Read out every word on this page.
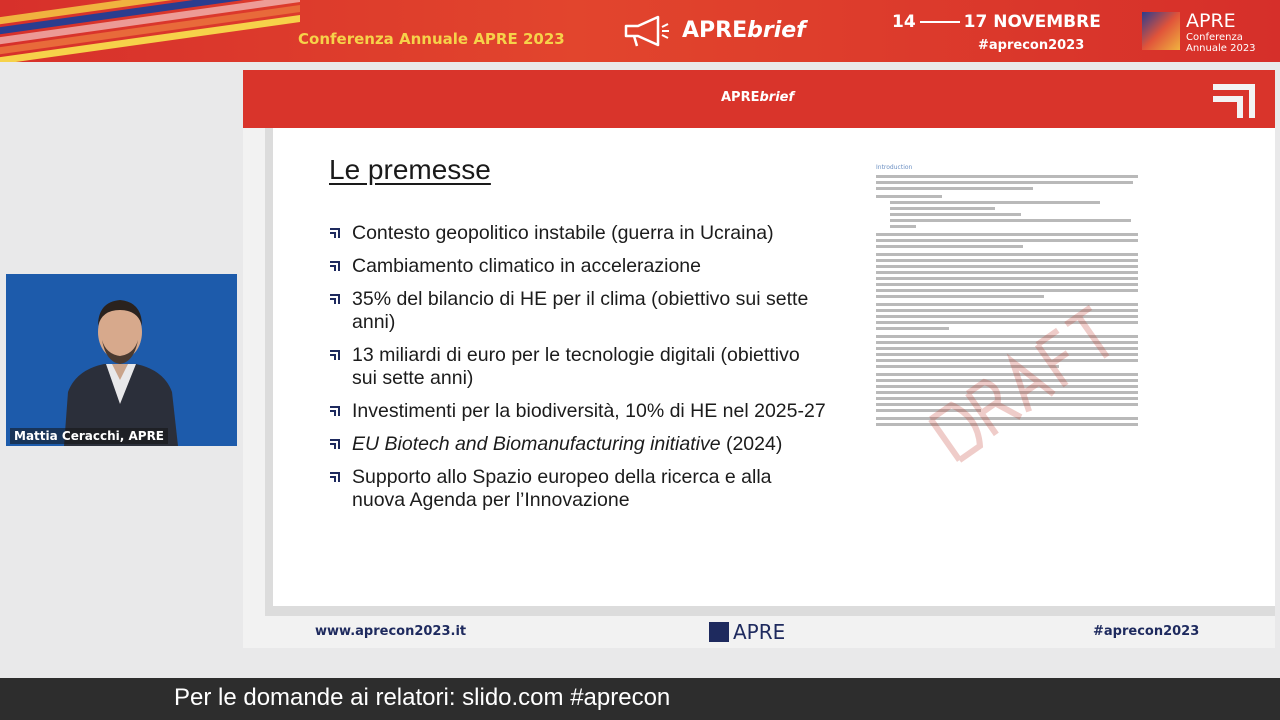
Conferenza Annuale APRE 2023	APREbrief	14	17 NOVEMBRE
#aprecon2023
APRE
Conferenza
Annuale 2023
APREbrief
Le premesse
Contesto geopolitico instabile (guerra in Ucraina)
Cambiamento climatico in accelerazione
35% del bilancio di HE per il clima (obiettivo sui sette anni)
13 miliardi di euro per le tecnologie digitali (obiettivo sui sette anni)
Investimenti per la biodiversità, 10% di HE nel 2025-27
EU Biotech and Biomanufacturing initiative (2024)
Supporto allo Spazio europeo della ricerca e alla nuova Agenda per l’Innovazione
Introduction
www.aprecon2023.it	APRE	#aprecon2023
Mattia Ceracchi, APRE
Per le domande ai relatori: slido.com #aprecon
